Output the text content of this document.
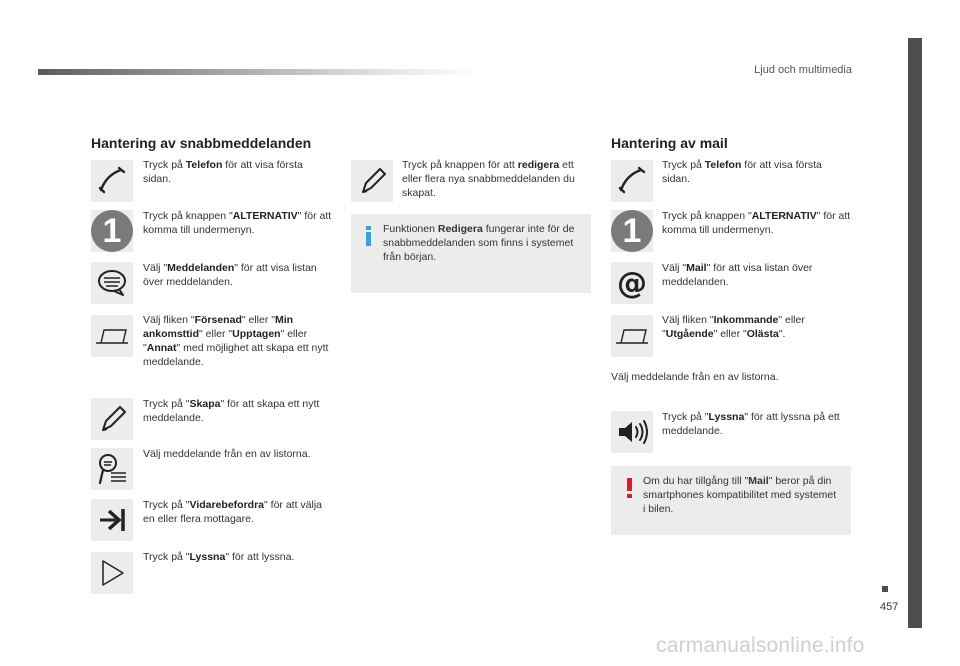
Ljud och multimedia
457
Hantering av snabbmeddelanden
Tryck på Telefon för att visa första sidan.
1 Tryck på knappen "ALTERNATIV" för att komma till undermenyn.
Välj "Meddelanden" för att visa listan över meddelanden.
Välj fliken "Försenad" eller "Min ankomsttid" eller "Upptagen" eller "Annat" med möjlighet att skapa ett nytt meddelande.
Tryck på "Skapa" för att skapa ett nytt meddelande.
Välj meddelande från en av listorna.
Tryck på "Vidarebefordra" för att välja en eller flera mottagare.
Tryck på "Lyssna" för att lyssna.
Tryck på knappen för att redigera ett eller flera nya snabbmeddelanden du skapat.
Funktionen Redigera fungerar inte för de snabbmeddelanden som finns i systemet från början.
Hantering av mail
Tryck på Telefon för att visa första sidan.
1 Tryck på knappen "ALTERNATIV" för att komma till undermenyn.
@ Välj "Mail" för att visa listan över meddelanden.
Välj fliken "Inkommande" eller "Utgående" eller "Olästa".
Välj meddelande från en av listorna.
Tryck på "Lyssna" för att lyssna på ett meddelande.
Om du har tillgång till "Mail" beror på din smartphones kompatibilitet med systemet i bilen.
carmanualsonline.info
